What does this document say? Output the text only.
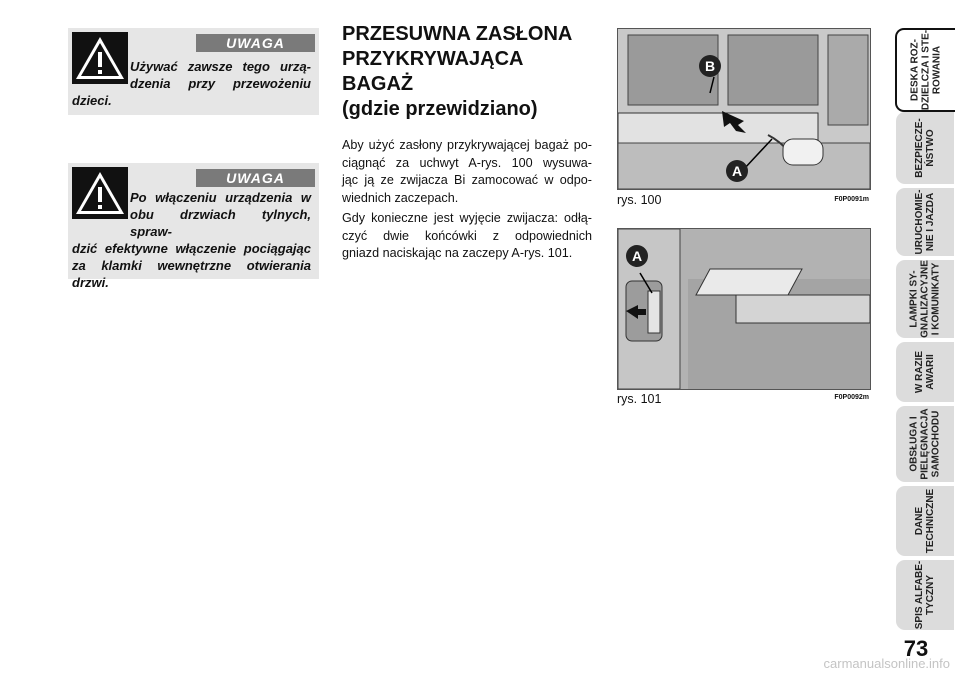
UWAGA
Używać zawsze tego urzą-
dzenia przy przewożeniu
dzieci.
UWAGA
Po włączeniu urządzenia w
obu drzwiach tylnych, spraw-
dzić efektywne włączenie pociągając
za klamki wewnętrzne otwierania
drzwi.
PRZESUWNA ZASŁONA
PRZYKRYWAJĄCA
BAGAŻ
(gdzie przewidziano)
Aby użyć zasłony przykrywającej bagaż po-
ciągnąć za uchwyt A-rys. 100 wysuwa-
jąc ją ze zwijacza Bi zamocować w odpo-
wiednich zaczepach.
Gdy konieczne jest wyjęcie zwijacza: odłą-
czyć dwie końcówki z odpowiednich
gniazd naciskając na zaczepy A-rys. 101.
B
A
rys. 100	F0P0091m
A
rys. 101	F0P0092m
DESKA ROZ-
DZIELCZA I STE-
ROWANIA
BEZPIECZE-
ŃSTWO
URUCHOMIE-
NIE I JAZDA
LAMPKI SY-
GNALIZACYJNE
I KOMUNIKATY
W RAZIE
AWARII
OBSŁUGA I
PIELĘGNACJA
SAMOCHODU
DANE
TECHNICZNE
SPIS ALFABE-
TYCZNY
73
carmanualsonline.info
